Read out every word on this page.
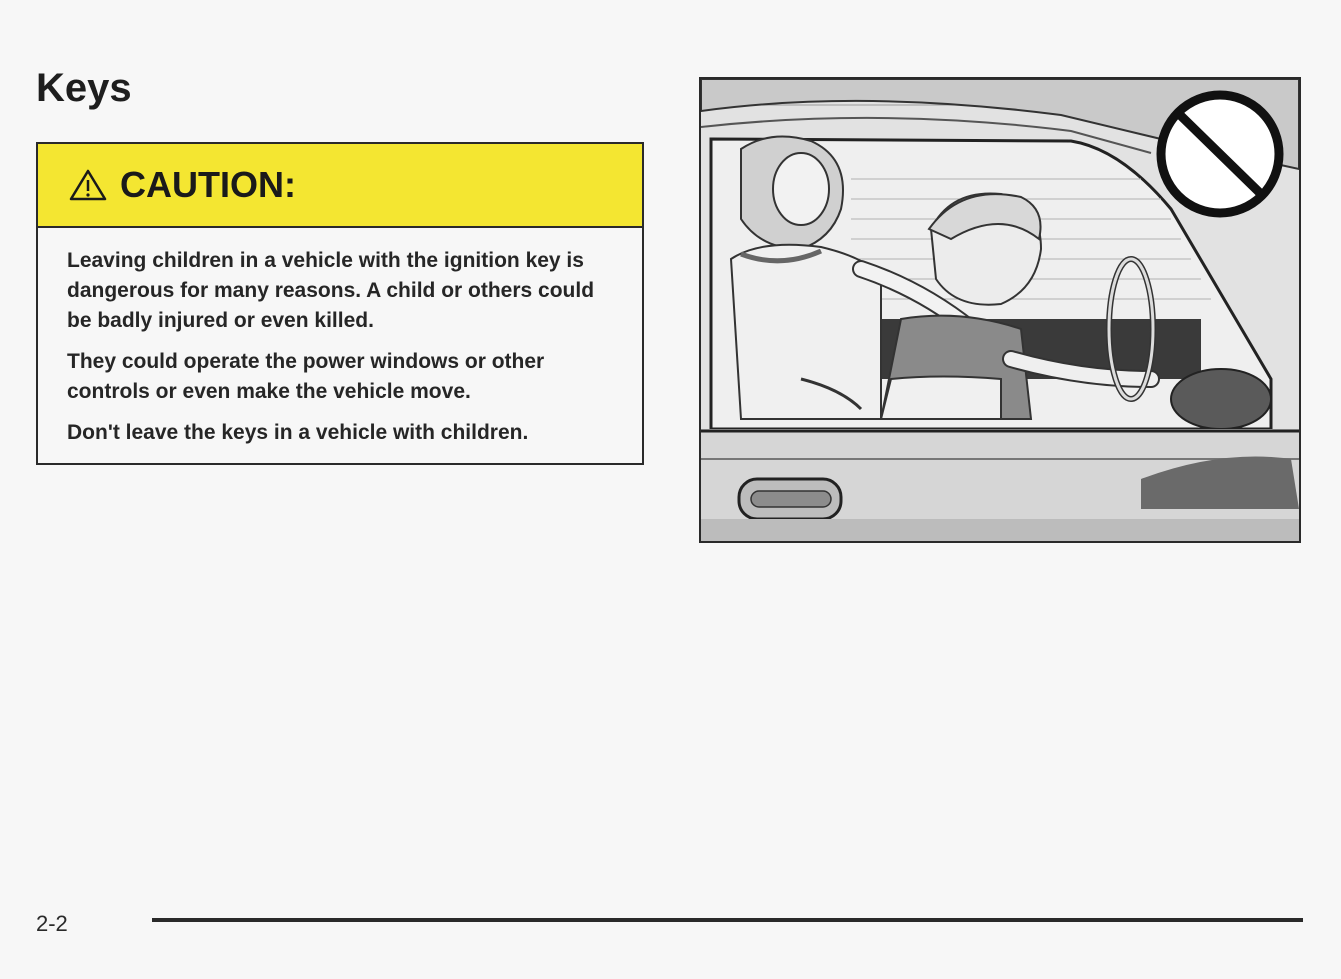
Keys
CAUTION:

Leaving children in a vehicle with the ignition key is dangerous for many reasons. A child or others could be badly injured or even killed.

They could operate the power windows or other controls or even make the vehicle move.

Don't leave the keys in a vehicle with children.

2-2
